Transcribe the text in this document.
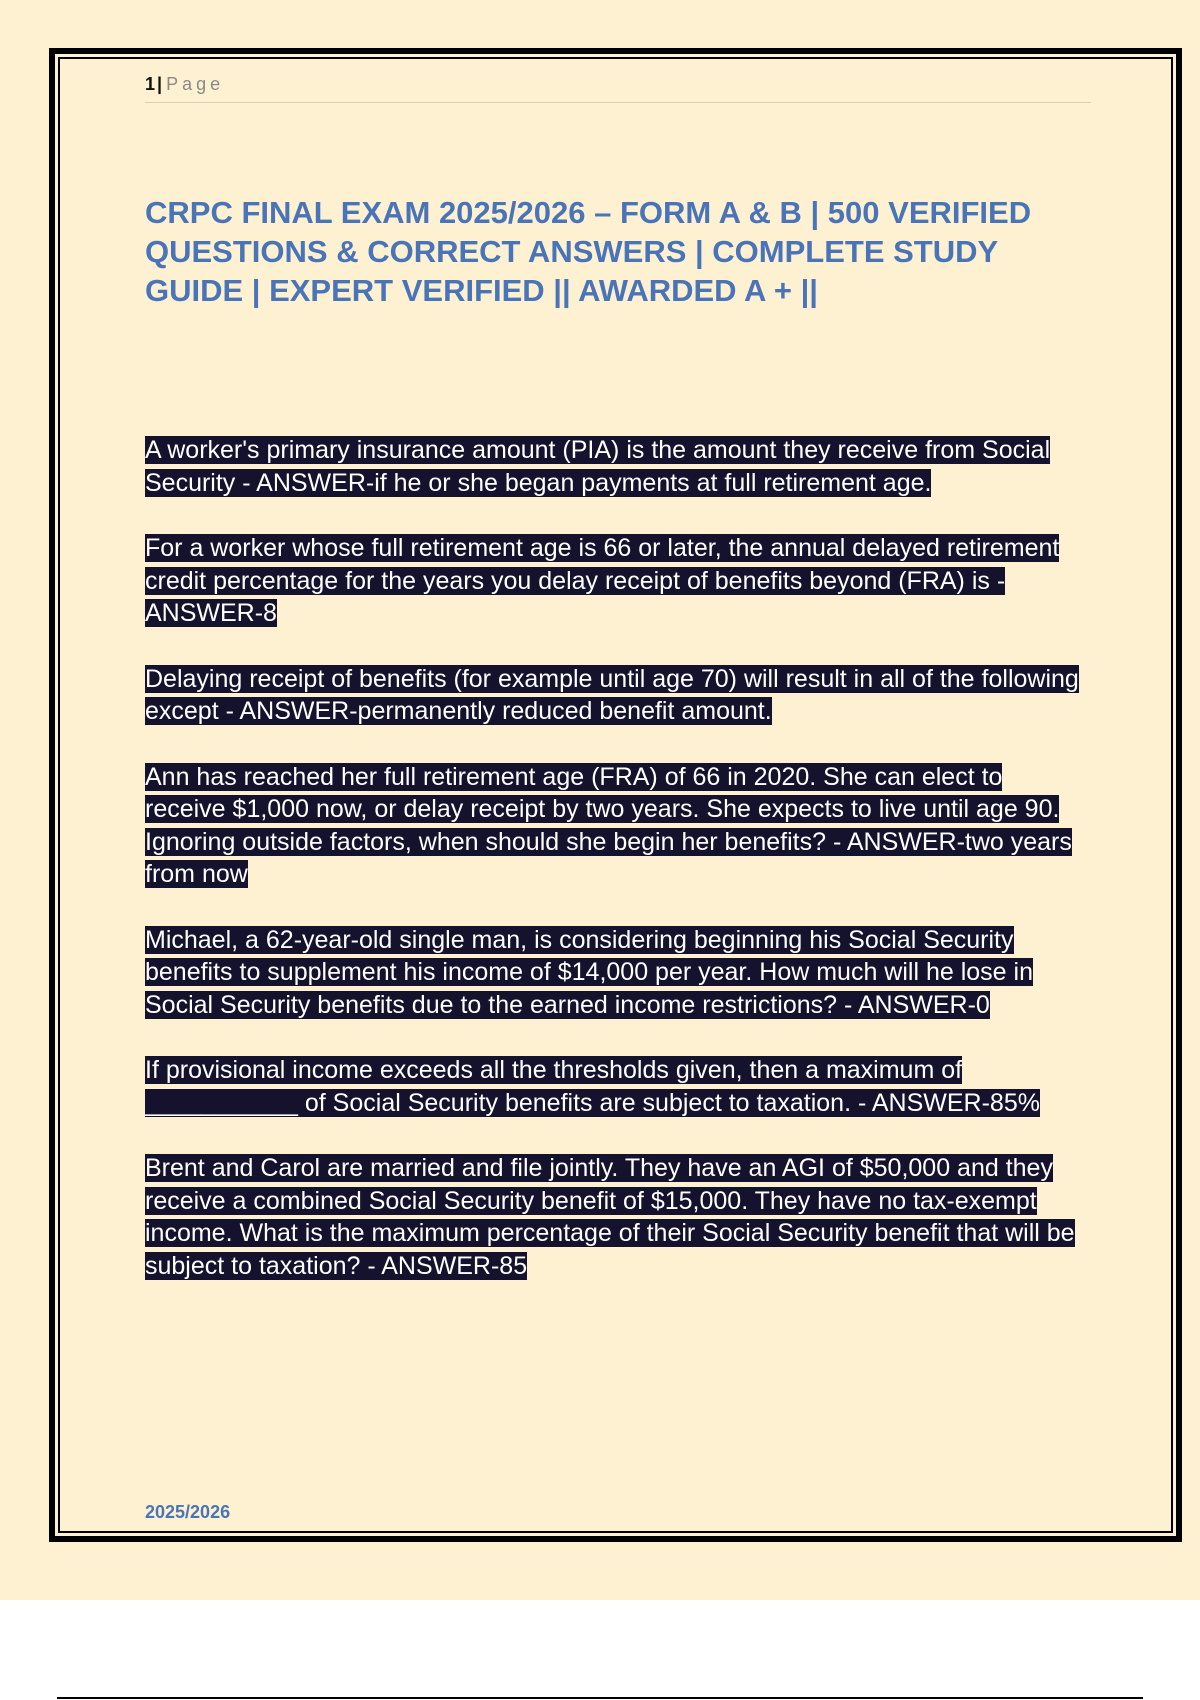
1 | Page
CRPC FINAL EXAM 2025/2026 – FORM A & B | 500 VERIFIED QUESTIONS & CORRECT ANSWERS | COMPLETE STUDY GUIDE | EXPERT VERIFIED || AWARDED A + ||

A worker's primary insurance amount (PIA) is the amount they receive from Social Security - ANSWER-if he or she began payments at full retirement age.

For a worker whose full retirement age is 66 or later, the annual delayed retirement credit percentage for the years you delay receipt of benefits beyond (FRA) is - ANSWER-8

Delaying receipt of benefits (for example until age 70) will result in all of the following except - ANSWER-permanently reduced benefit amount.

Ann has reached her full retirement age (FRA) of 66 in 2020. She can elect to receive $1,000 now, or delay receipt by two years. She expects to live until age 90. Ignoring outside factors, when should she begin her benefits? - ANSWER-two years from now

Michael, a 62-year-old single man, is considering beginning his Social Security benefits to supplement his income of $14,000 per year. How much will he lose in Social Security benefits due to the earned income restrictions? - ANSWER-0

If provisional income exceeds all the thresholds given, then a maximum of ___________ of Social Security benefits are subject to taxation. - ANSWER-85%

Brent and Carol are married and file jointly. They have an AGI of $50,000 and they receive a combined Social Security benefit of $15,000. They have no tax-exempt income. What is the maximum percentage of their Social Security benefit that will be subject to taxation? - ANSWER-85

2025/2026
